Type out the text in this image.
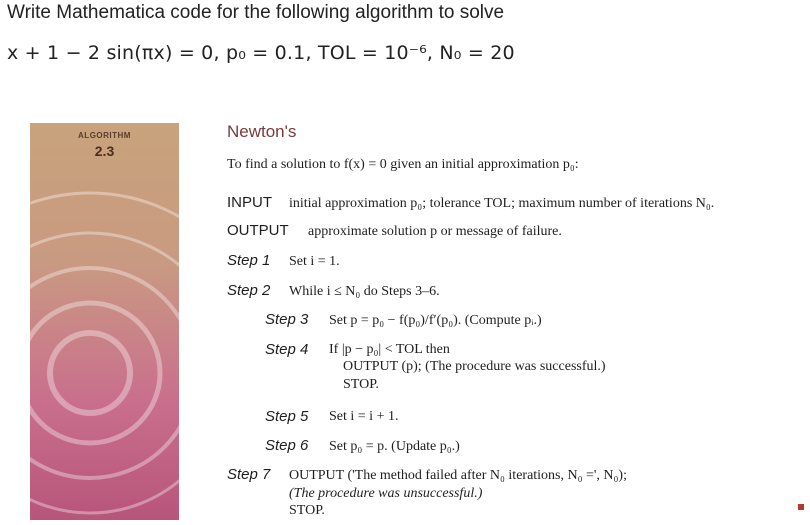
Write Mathematica code for the following algorithm to solve
x + 1 − 2 sin(πx) = 0, p₀ = 0.1, TOL = 10⁻⁶, N₀ = 20
ALGORITHM
2.3
Newton's
To find a solution to f(x) = 0 given an initial approximation p₀:
INPUT initial approximation p₀; tolerance TOL; maximum number of iterations N₀.
OUTPUT approximate solution p or message of failure.
Step 1 Set i = 1.
Step 2 While i ≤ N₀ do Steps 3–6.
Step 3 Set p = p₀ − f(p₀)/f′(p₀). (Compute pᵢ.)
Step 4 If |p − p₀| < TOL then
OUTPUT (p); (The procedure was successful.)
STOP.
Step 5 Set i = i + 1.
Step 6 Set p₀ = p. (Update p₀.)
Step 7 OUTPUT ('The method failed after N₀ iterations, N₀ =', N₀);
(The procedure was unsuccessful.)
STOP.
